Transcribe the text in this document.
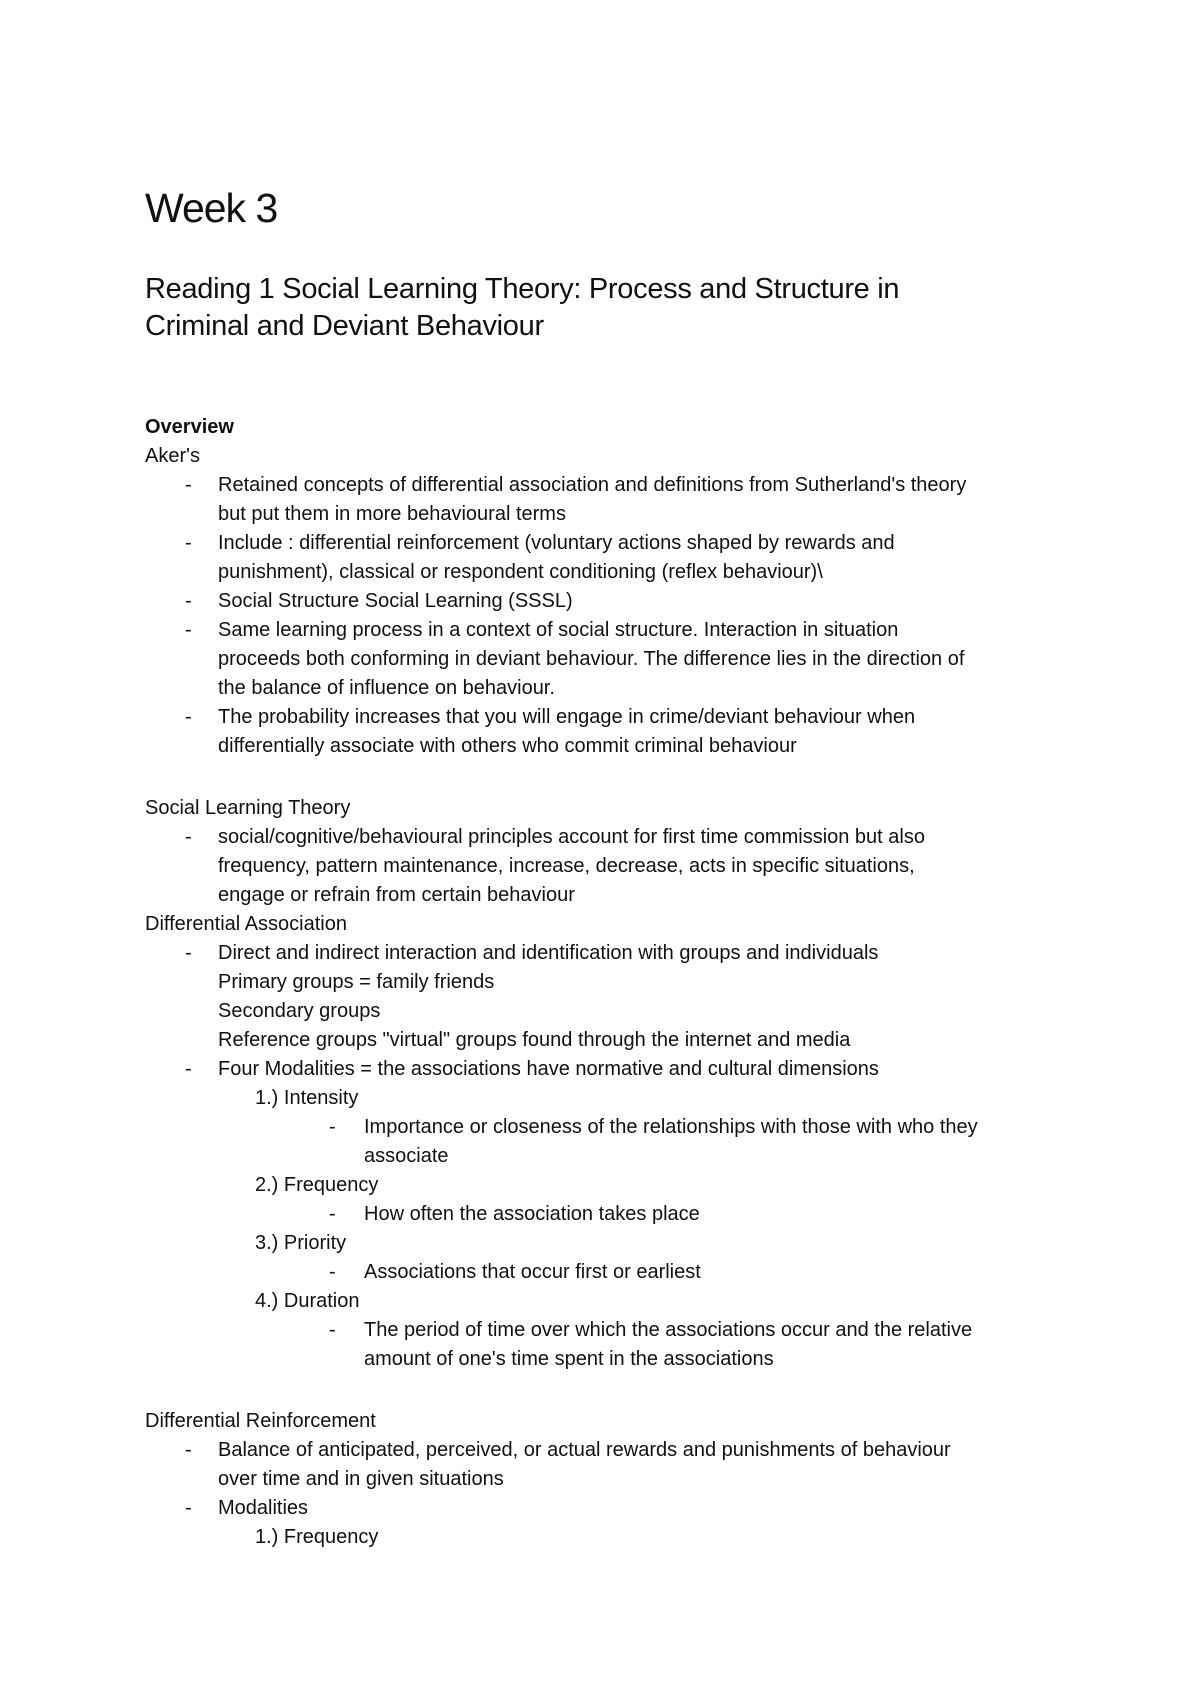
Week 3
Reading 1 Social Learning Theory: Process and Structure in
Criminal and Deviant Behaviour
Overview
Aker's
- Retained concepts of differential association and definitions from Sutherland's theory
but put them in more behavioural terms
- Include : differential reinforcement (voluntary actions shaped by rewards and
punishment), classical or respondent conditioning (reflex behaviour)\
- Social Structure Social Learning (SSSL)
- Same learning process in a context of social structure. Interaction in situation
proceeds both conforming in deviant behaviour. The difference lies in the direction of
the balance of influence on behaviour.
- The probability increases that you will engage in crime/deviant behaviour when
differentially associate with others who commit criminal behaviour
Social Learning Theory
- social/cognitive/behavioural principles account for first time commission but also
frequency, pattern maintenance, increase, decrease, acts in specific situations,
engage or refrain from certain behaviour
Differential Association
- Direct and indirect interaction and identification with groups and individuals
Primary groups = family friends
Secondary groups
Reference groups "virtual" groups found through the internet and media
- Four Modalities = the associations have normative and cultural dimensions
1.) Intensity
- Importance or closeness of the relationships with those with who they
associate
2.) Frequency
- How often the association takes place
3.) Priority
- Associations that occur first or earliest
4.) Duration
- The period of time over which the associations occur and the relative
amount of one's time spent in the associations
Differential Reinforcement
- Balance of anticipated, perceived, or actual rewards and punishments of behaviour
over time and in given situations
- Modalities
1.) Frequency
